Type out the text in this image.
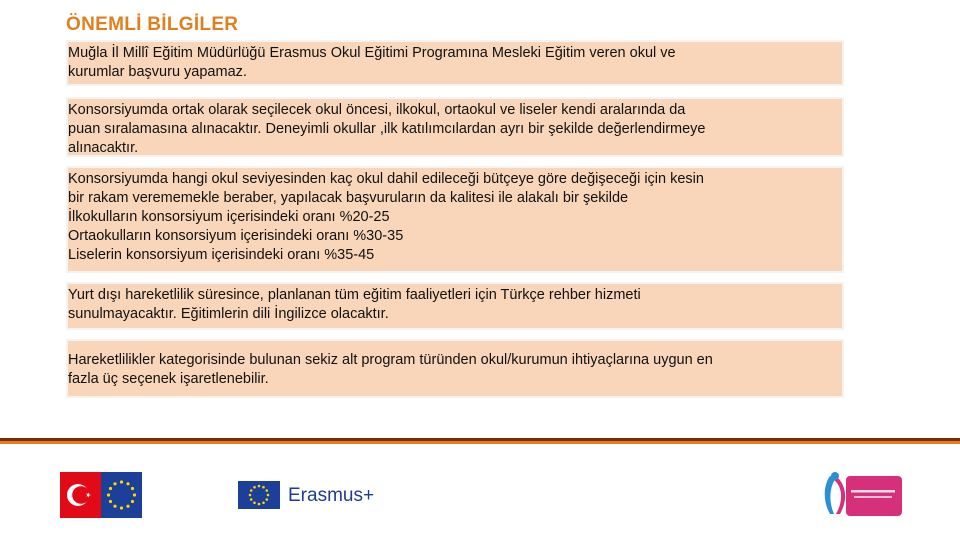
ÖNEMLİ BİLGİLER
Muğla İl Millî Eğitim Müdürlüğü Erasmus Okul Eğitimi Programına Mesleki Eğitim veren okul ve
kurumlar başvuru yapamaz.
Konsorsiyumda ortak olarak seçilecek okul öncesi, ilkokul, ortaokul ve liseler kendi aralarında da
puan sıralamasına alınacaktır. Deneyimli okullar ,ilk katılımcılardan ayrı bir şekilde değerlendirmeye
alınacaktır.
Konsorsiyumda hangi okul seviyesinden kaç okul dahil edileceği bütçeye göre değişeceği için kesin
bir rakam verememekle beraber, yapılacak başvuruların da kalitesi ile alakalı bir şekilde
İlkokulların konsorsiyum içerisindeki oranı %20-25
Ortaokulların konsorsiyum içerisindeki oranı %30-35
Liselerin konsorsiyum içerisindeki oranı %35-45
Yurt dışı hareketlilik süresince, planlanan tüm eğitim faaliyetleri için Türkçe rehber hizmeti
sunulmayacaktır. Eğitimlerin dili İngilizce olacaktır.
Hareketlilikler kategorisinde bulunan sekiz alt program türünden okul/kurumun ihtiyaçlarına uygun en
fazla üç seçenek işaretlenebilir.
Erasmus+
